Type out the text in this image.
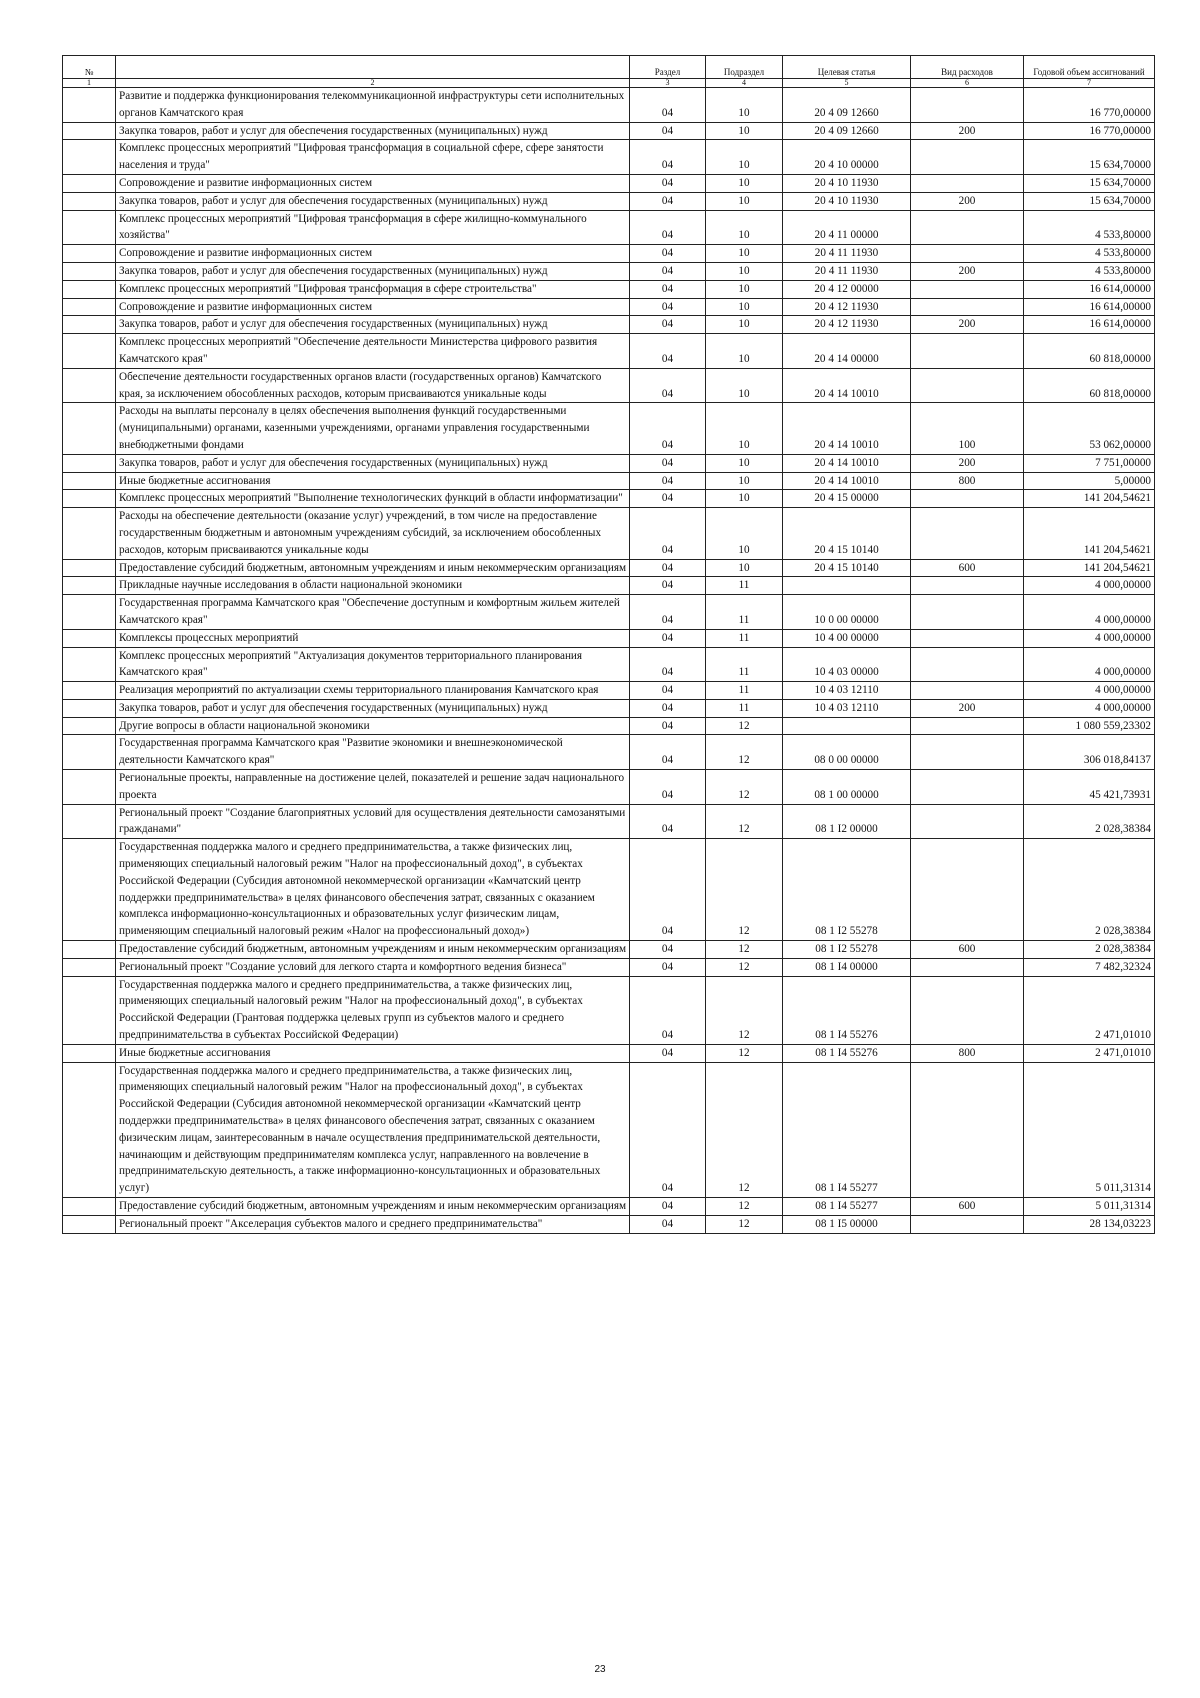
№		Раздел	Подраздел	Целевая статья	Вид расходов	Годовой объем ассигнований
1	2	3	4	5	6	7
	Развитие и поддержка функционирования телекоммуникационной инфраструктуры сети исполнительных органов Камчатского края	04	10	20 4 09 12660		16 770,00000
	Закупка товаров, работ и услуг для обеспечения государственных (муниципальных) нужд	04	10	20 4 09 12660	200	16 770,00000
	Комплекс процессных мероприятий "Цифровая трансформация в социальной сфере, сфере занятости населения и труда"	04	10	20 4 10 00000		15 634,70000
	Сопровождение и развитие информационных систем	04	10	20 4 10 11930		15 634,70000
	Закупка товаров, работ и услуг для обеспечения государственных (муниципальных) нужд	04	10	20 4 10 11930	200	15 634,70000
	Комплекс процессных мероприятий "Цифровая трансформация в сфере жилищно-коммунального хозяйства"	04	10	20 4 11 00000		4 533,80000
	Сопровождение и развитие информационных систем	04	10	20 4 11 11930		4 533,80000
	Закупка товаров, работ и услуг для обеспечения государственных (муниципальных) нужд	04	10	20 4 11 11930	200	4 533,80000
	Комплекс процессных мероприятий "Цифровая трансформация в сфере строительства"	04	10	20 4 12 00000		16 614,00000
	Сопровождение и развитие информационных систем	04	10	20 4 12 11930		16 614,00000
	Закупка товаров, работ и услуг для обеспечения государственных (муниципальных) нужд	04	10	20 4 12 11930	200	16 614,00000
	Комплекс процессных мероприятий "Обеспечение деятельности Министерства цифрового развития Камчатского края"	04	10	20 4 14 00000		60 818,00000
	Обеспечение деятельности государственных органов власти (государственных органов) Камчатского края, за исключением обособленных расходов, которым присваиваются уникальные коды	04	10	20 4 14 10010		60 818,00000
	Расходы на выплаты персоналу в целях обеспечения выполнения функций государственными (муниципальными) органами, казенными учреждениями, органами управления государственными внебюджетными фондами	04	10	20 4 14 10010	100	53 062,00000
	Закупка товаров, работ и услуг для обеспечения государственных (муниципальных) нужд	04	10	20 4 14 10010	200	7 751,00000
	Иные бюджетные ассигнования	04	10	20 4 14 10010	800	5,00000
	Комплекс процессных мероприятий "Выполнение технологических функций в области информатизации"	04	10	20 4 15 00000		141 204,54621
	Расходы на обеспечение деятельности (оказание услуг) учреждений, в том числе на предоставление государственным бюджетным и автономным учреждениям субсидий, за исключением обособленных расходов, которым присваиваются уникальные коды	04	10	20 4 15 10140		141 204,54621
	Предоставление субсидий бюджетным, автономным учреждениям и иным некоммерческим организациям	04	10	20 4 15 10140	600	141 204,54621
	Прикладные научные исследования в области национальной экономики	04	11			4 000,00000
	Государственная программа Камчатского края "Обеспечение доступным и комфортным жильем жителей Камчатского края"	04	11	10 0 00 00000		4 000,00000
	Комплексы процессных мероприятий	04	11	10 4 00 00000		4 000,00000
	Комплекс процессных мероприятий "Актуализация документов территориального планирования Камчатского края"	04	11	10 4 03 00000		4 000,00000
	Реализация мероприятий по актуализации схемы территориального планирования Камчатского края	04	11	10 4 03 12110		4 000,00000
	Закупка товаров, работ и услуг для обеспечения государственных (муниципальных) нужд	04	11	10 4 03 12110	200	4 000,00000
	Другие вопросы в области национальной экономики	04	12			1 080 559,23302
	Государственная программа Камчатского края "Развитие экономики и внешнеэкономической деятельности Камчатского края"	04	12	08 0 00 00000		306 018,84137
	Региональные проекты, направленные на достижение целей, показателей и решение задач национального проекта	04	12	08 1 00 00000		45 421,73931
	Региональный проект "Создание благоприятных условий для осуществления деятельности самозанятыми гражданами"	04	12	08 1 I2 00000		2 028,38384
	Государственная поддержка малого и среднего предпринимательства, а также физических лиц, применяющих специальный налоговый режим "Налог на профессиональный доход", в субъектах Российской Федерации (Субсидия автономной некоммерческой организации «Камчатский центр поддержки предпринимательства» в целях финансового обеспечения затрат, связанных с оказанием комплекса информационно-консультационных и образовательных услуг физическим лицам, применяющим специальный налоговый режим «Налог на профессиональный доход»)	04	12	08 1 I2 55278		2 028,38384
	Предоставление субсидий бюджетным, автономным учреждениям и иным некоммерческим организациям	04	12	08 1 I2 55278	600	2 028,38384
	Региональный проект "Создание условий для легкого старта и комфортного ведения бизнеса"	04	12	08 1 I4 00000		7 482,32324
	Государственная поддержка малого и среднего предпринимательства, а также физических лиц, применяющих специальный налоговый режим "Налог на профессиональный доход", в субъектах Российской Федерации (Грантовая поддержка целевых групп из субъектов малого и среднего предпринимательства в субъектах Российской Федерации)	04	12	08 1 I4 55276		2 471,01010
	Иные бюджетные ассигнования	04	12	08 1 I4 55276	800	2 471,01010
	Государственная поддержка малого и среднего предпринимательства, а также физических лиц, применяющих специальный налоговый режим "Налог на профессиональный доход", в субъектах Российской Федерации (Субсидия автономной некоммерческой организации «Камчатский центр поддержки предпринимательства» в целях финансового обеспечения затрат, связанных с оказанием физическим лицам, заинтересованным в начале осуществления предпринимательской деятельности, начинающим и действующим предпринимателям комплекса услуг, направленного на вовлечение в предпринимательскую деятельность, а также информационно-консультационных и образовательных услуг)	04	12	08 1 I4 55277		5 011,31314
	Предоставление субсидий бюджетным, автономным учреждениям и иным некоммерческим организациям	04	12	08 1 I4 55277	600	5 011,31314
	Региональный проект "Акселерация субъектов малого и среднего предпринимательства"	04	12	08 1 I5 00000		28 134,03223
23
